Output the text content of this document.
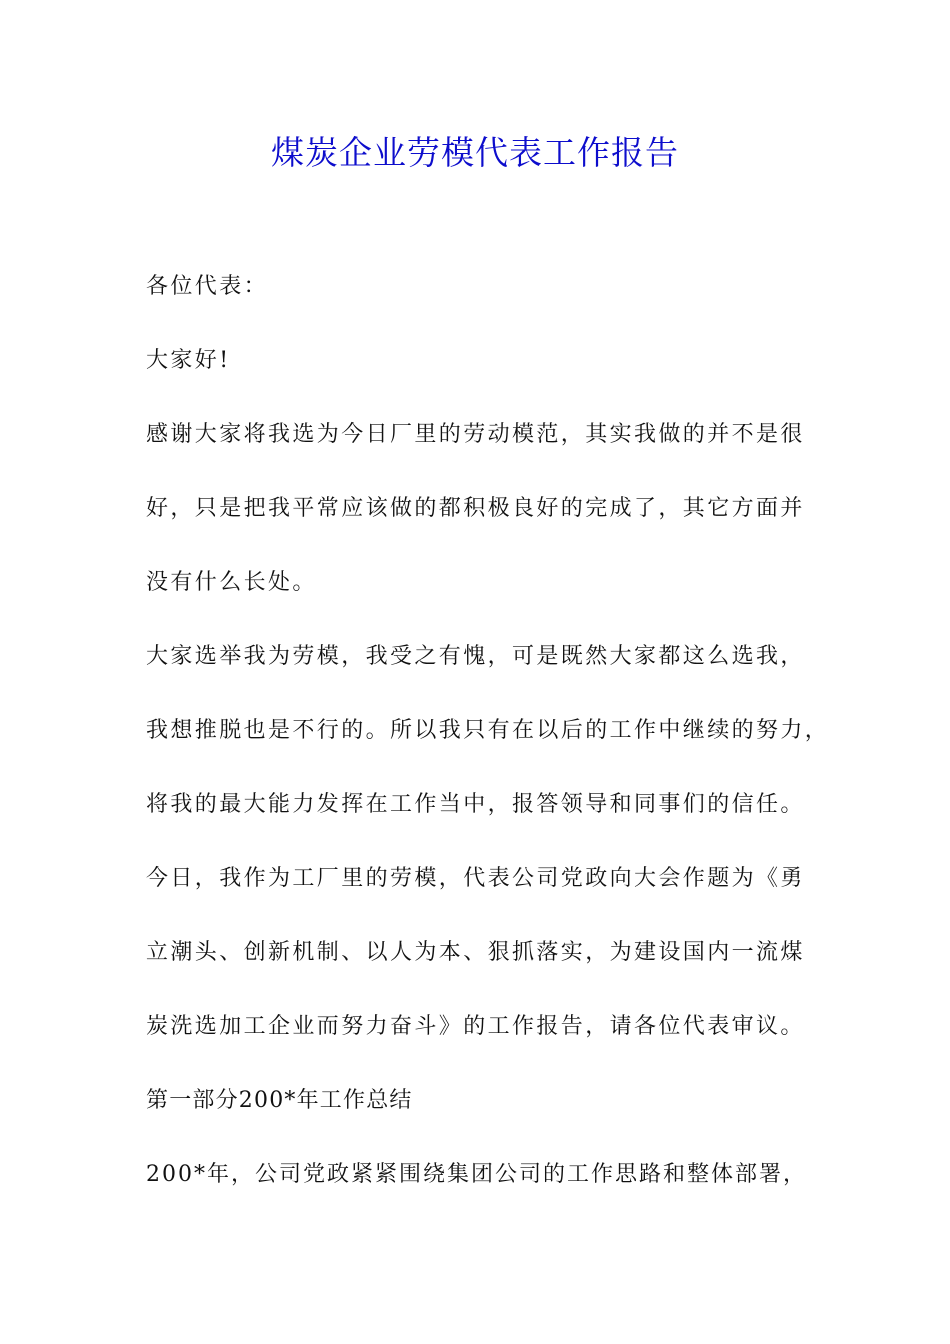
煤炭企业劳模代表工作报告
各位代表：
大家好!
感谢大家将我选为今日厂里的劳动模范，其实我做的并不是很
好，只是把我平常应该做的都积极良好的完成了，其它方面并
没有什么长处。
大家选举我为劳模，我受之有愧，可是既然大家都这么选我，
我想推脱也是不行的。所以我只有在以后的工作中继续的努力，
将我的最大能力发挥在工作当中，报答领导和同事们的信任。
今日，我作为工厂里的劳模，代表公司党政向大会作题为《勇
立潮头、创新机制、以人为本、狠抓落实，为建设国内一流煤
炭洗选加工企业而努力奋斗》的工作报告，请各位代表审议。
第一部分200*年工作总结
200*年，公司党政紧紧围绕集团公司的工作思路和整体部署，
